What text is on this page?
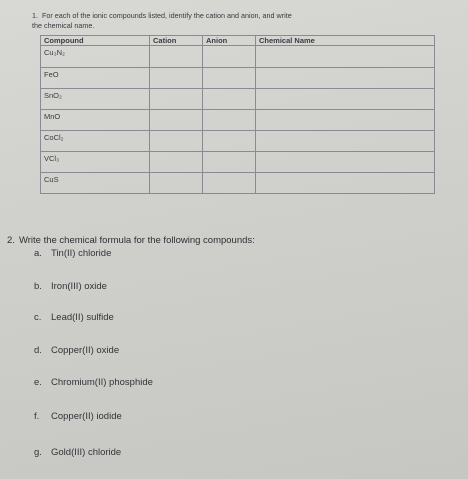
1. For each of the ionic compounds listed, identify the cation and anion, and write
the chemical name.
Compound	Cation	Anion	Chemical Name
Cu₃N₂			
FeO			
SnO₂			
MnO			
CoCl₂			
VCl₃			
CuS			
2. Write the chemical formula for the following compounds:
a. Tin(II) chloride
b. Iron(III) oxide
c. Lead(II) sulfide
d. Copper(II) oxide
e. Chromium(II) phosphide
f. Copper(II) iodide
g. Gold(III) chloride
